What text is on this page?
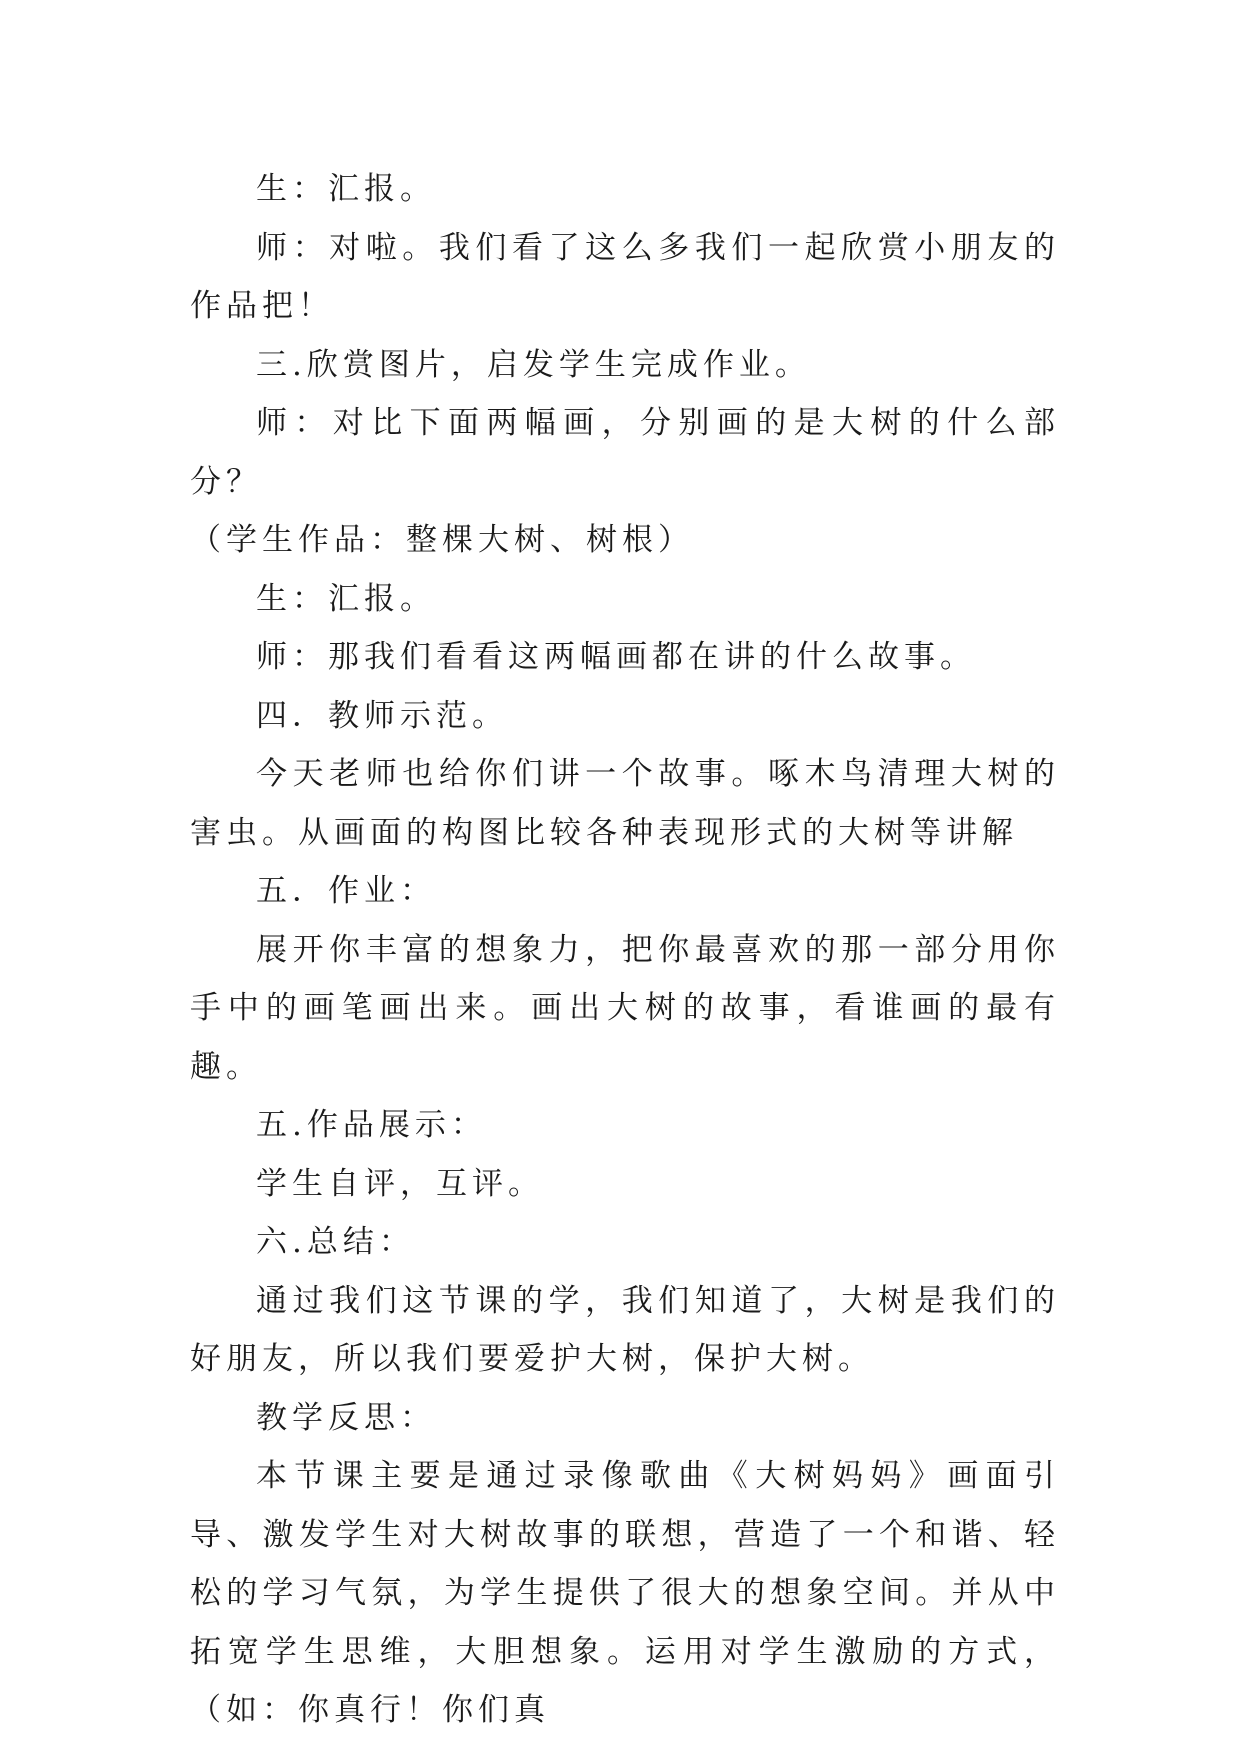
生：汇报。

师：对啦。我们看了这么多我们一起欣赏小朋友的作品把！

三.欣赏图片，启发学生完成作业。

师：对比下面两幅画，分别画的是大树的什么部分？

（学生作品：整棵大树、树根）

生：汇报。

师：那我们看看这两幅画都在讲的什么故事。

四．教师示范。

今天老师也给你们讲一个故事。啄木鸟清理大树的害虫。从画面的构图比较各种表现形式的大树等讲解

五．作业：

展开你丰富的想象力，把你最喜欢的那一部分用你手中的画笔画出来。画出大树的故事，看谁画的最有趣。

五.作品展示：

学生自评，互评。

六.总结：

通过我们这节课的学，我们知道了，大树是我们的好朋友，所以我们要爱护大树，保护大树。

教学反思：

本节课主要是通过录像歌曲《大树妈妈》画面引导、激发学生对大树故事的联想，营造了一个和谐、轻松的学习气氛，为学生提供了很大的想象空间。并从中拓宽学生思维，大胆想象。运用对学生激励的方式，（如：你真行！你们真
